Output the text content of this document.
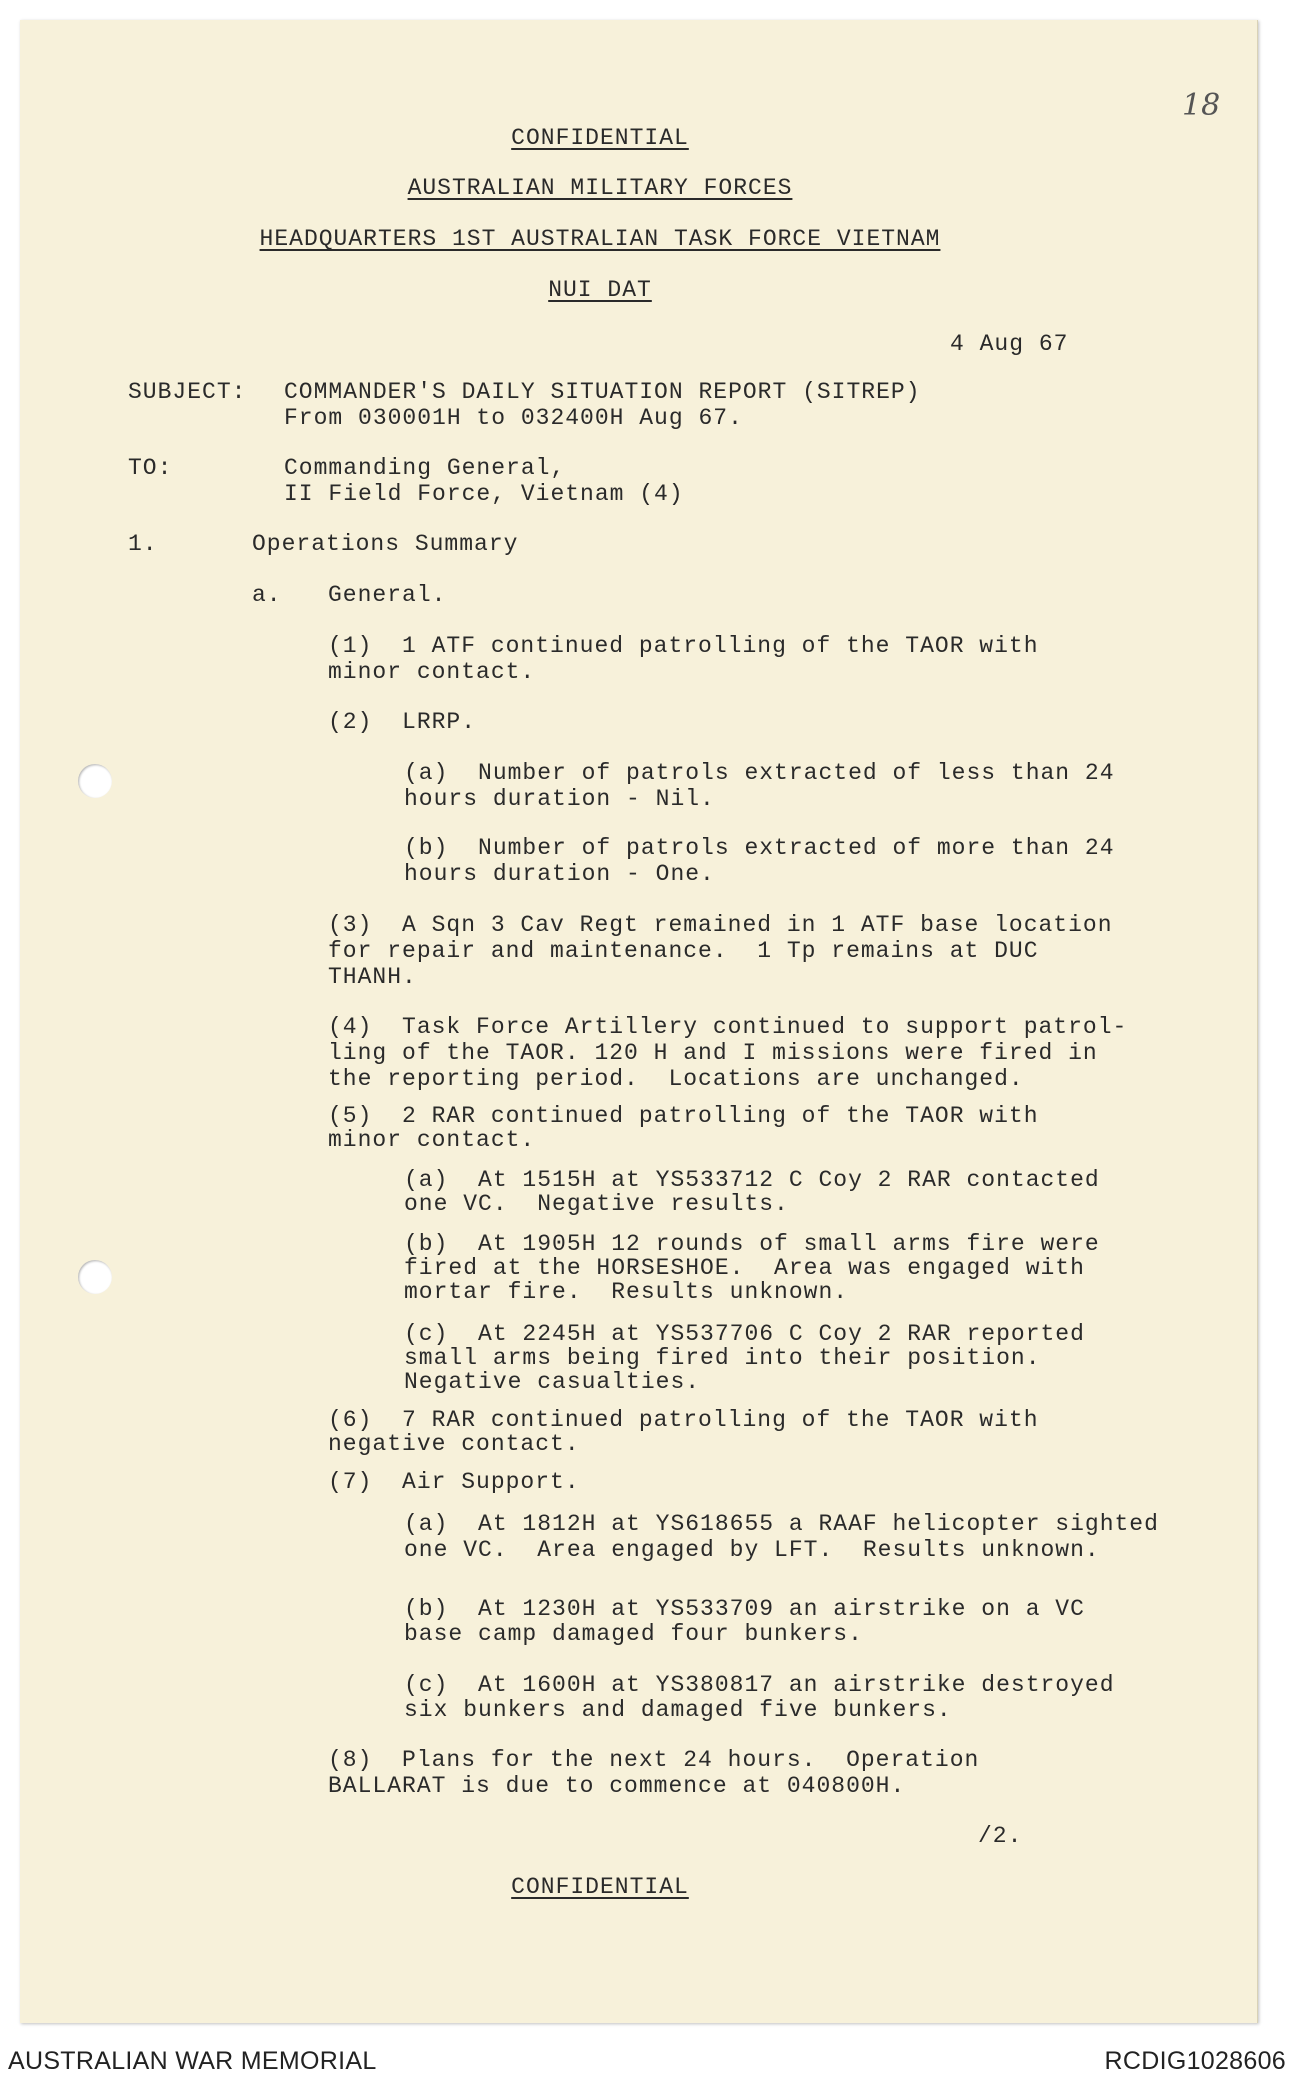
18
CONFIDENTIAL
AUSTRALIAN MILITARY FORCES
HEADQUARTERS 1ST AUSTRALIAN TASK FORCE VIETNAM
NUI DAT
4 Aug 67
SUBJECT: COMMANDER'S DAILY SITUATION REPORT (SITREP)
From 030001H to 032400H Aug 67.
TO:	Commanding General,
II Field Force, Vietnam (4)
1.	Operations Summary
a. General.
(1)  1 ATF continued patrolling of the TAOR with
minor contact.
(2)  LRRP.
(a)  Number of patrols extracted of less than 24
hours duration - Nil.
(b)  Number of patrols extracted of more than 24
hours duration - One.
(3)  A Sqn 3 Cav Regt remained in 1 ATF base location
for repair and maintenance.  1 Tp remains at DUC
THANH.
(4)  Task Force Artillery continued to support patrol-
ling of the TAOR. 120 H and I missions were fired in
the reporting period.  Locations are unchanged.
(5)  2 RAR continued patrolling of the TAOR with
minor contact.
(a)  At 1515H at YS533712 C Coy 2 RAR contacted
one VC.  Negative results.
(b)  At 1905H 12 rounds of small arms fire were
fired at the HORSESHOE.  Area was engaged with
mortar fire.  Results unknown.
(c)  At 2245H at YS537706 C Coy 2 RAR reported
small arms being fired into their position.
Negative casualties.
(6)  7 RAR continued patrolling of the TAOR with
negative contact.
(7)  Air Support.
(a)  At 1812H at YS618655 a RAAF helicopter sighted
one VC.  Area engaged by LFT.  Results unknown.
(b)  At 1230H at YS533709 an airstrike on a VC
base camp damaged four bunkers.
(c)  At 1600H at YS380817 an airstrike destroyed
six bunkers and damaged five bunkers.
(8)  Plans for the next 24 hours.  Operation
BALLARAT is due to commence at 040800H.
/2.
CONFIDENTIAL
AUSTRALIAN WAR MEMORIAL	RCDIG1028606
